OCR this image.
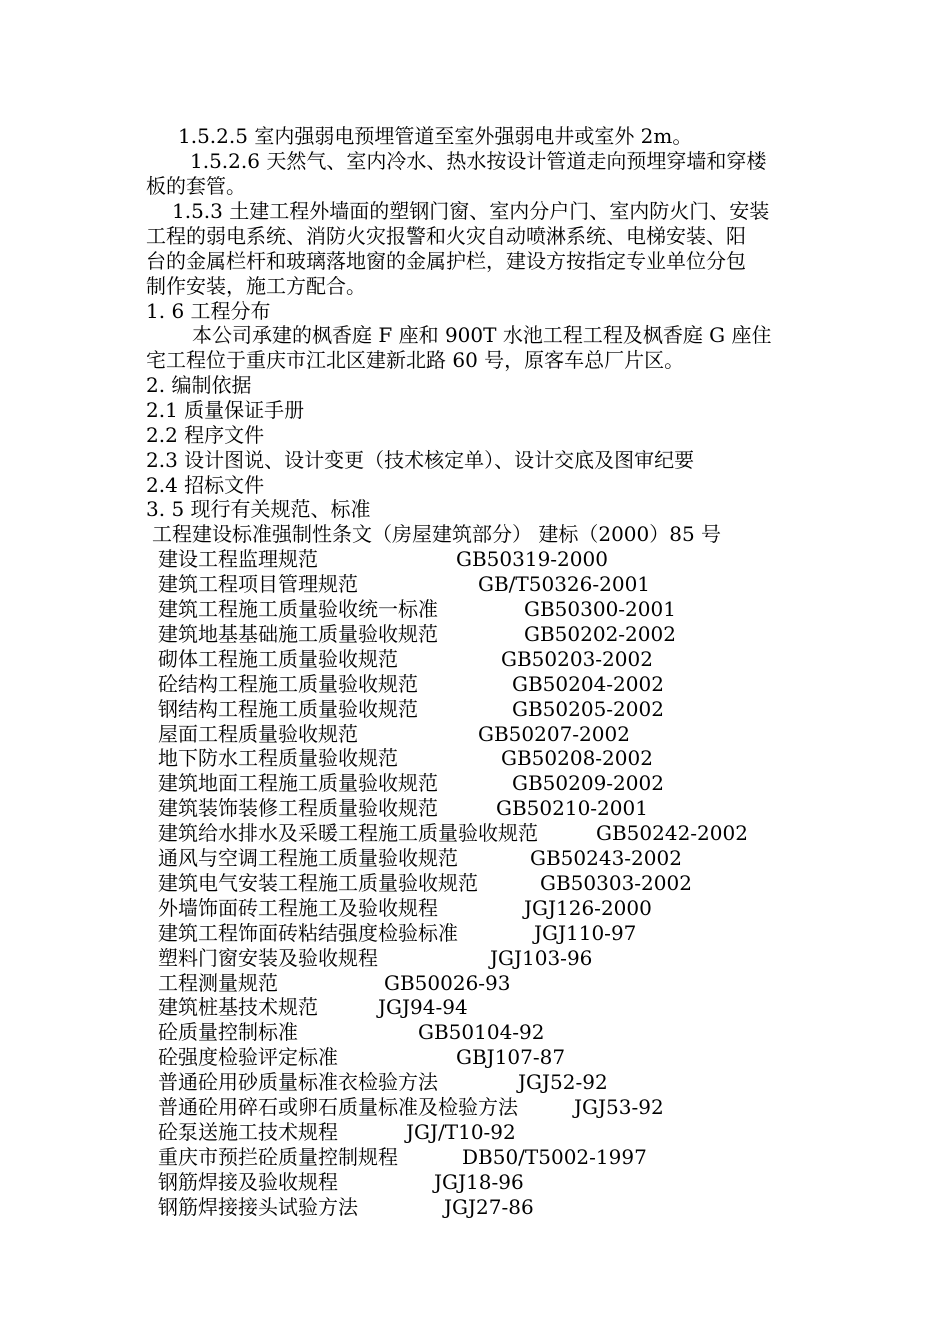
1.5.2.5 室内强弱电预埋管道至室外强弱电井或室外 2m。
1.5.2.6 天然气、室内冷水、热水按设计管道走向预埋穿墙和穿楼
板的套管。
1.5.3 土建工程外墙面的塑钢门窗、室内分户门、室内防火门、安装
工程的弱电系统、消防火灾报警和火灾自动喷淋系统、电梯安装、阳
台的金属栏杆和玻璃落地窗的金属护栏，建设方按指定专业单位分包
制作安装，施工方配合。
1. 6 工程分布
本公司承建的枫香庭 F 座和 900T 水池工程工程及枫香庭 G 座住
宅工程位于重庆市江北区建新北路 60 号，原客车总厂片区。
2. 编制依据
2.1 质量保证手册
2.2 程序文件
2.3 设计图说、设计变更（技术核定单）、设计交底及图审纪要
2.4 招标文件
3. 5 现行有关规范、标准
工程建设标准强制性条文（房屋建筑部分） 建标（2000）85 号
建设工程监理规范	GB50319-2000
建筑工程项目管理规范	GB/T50326-2001
建筑工程施工质量验收统一标准	GB50300-2001
建筑地基基础施工质量验收规范	GB50202-2002
砌体工程施工质量验收规范	GB50203-2002
砼结构工程施工质量验收规范	GB50204-2002
钢结构工程施工质量验收规范	GB50205-2002
屋面工程质量验收规范	GB50207-2002
地下防水工程质量验收规范	GB50208-2002
建筑地面工程施工质量验收规范	GB50209-2002
建筑装饰装修工程质量验收规范	GB50210-2001
建筑给水排水及采暖工程施工质量验收规范	GB50242-2002
通风与空调工程施工质量验收规范	GB50243-2002
建筑电气安装工程施工质量验收规范	GB50303-2002
外墙饰面砖工程施工及验收规程	JGJ126-2000
建筑工程饰面砖粘结强度检验标准	JGJ110-97
塑料门窗安装及验收规程	JGJ103-96
工程测量规范	GB50026-93
建筑桩基技术规范	JGJ94-94
砼质量控制标准	GB50104-92
砼强度检验评定标准	GBJ107-87
普通砼用砂质量标准衣检验方法	JGJ52-92
普通砼用碎石或卵石质量标准及检验方法	JGJ53-92
砼泵送施工技术规程	JGJ/T10-92
重庆市预拦砼质量控制规程	DB50/T5002-1997
钢筋焊接及验收规程	JGJ18-96
钢筋焊接接头试验方法	JGJ27-86
